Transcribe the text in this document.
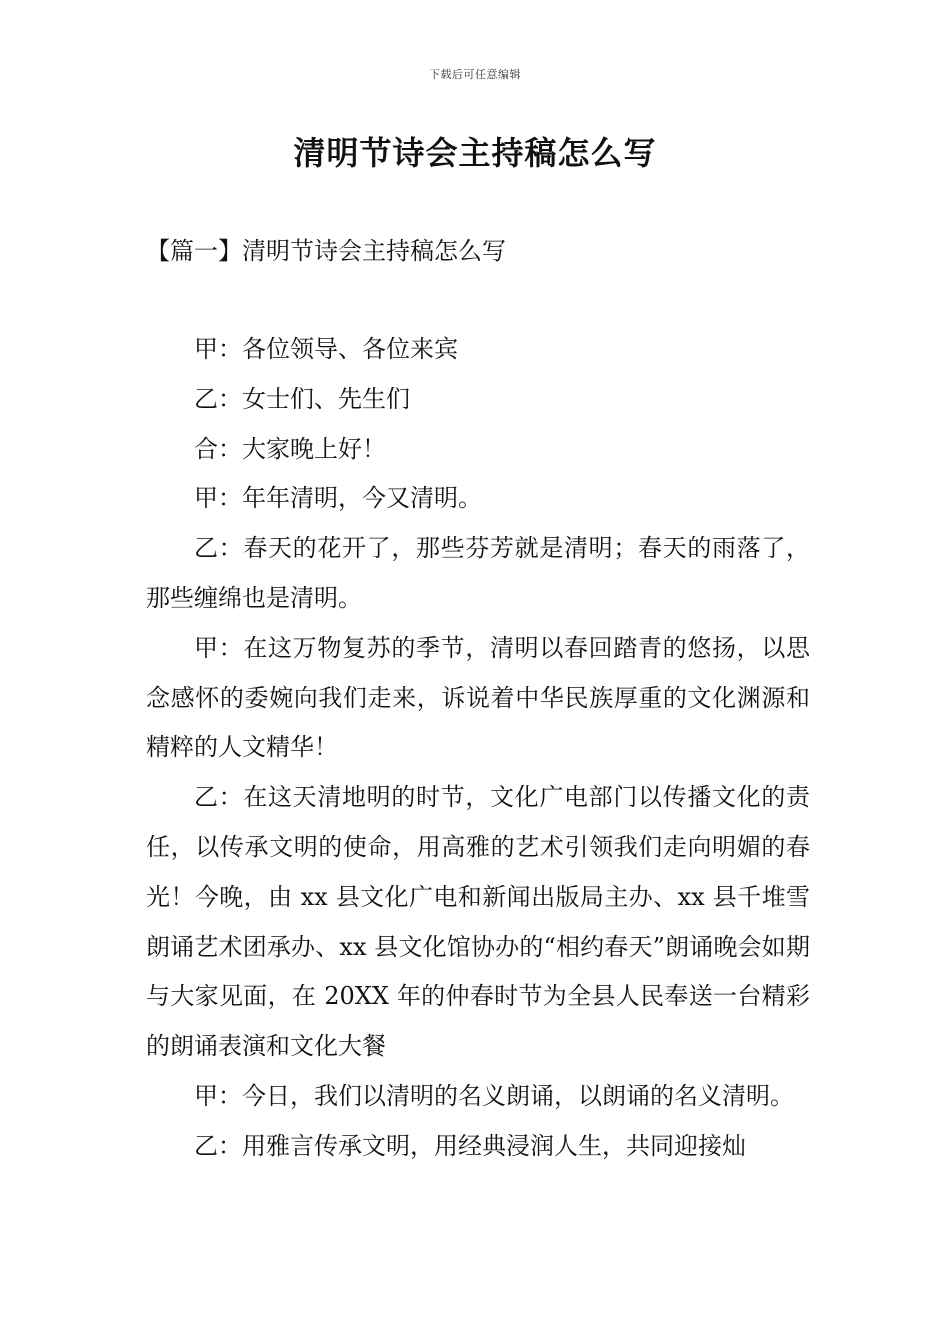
下载后可任意编辑
清明节诗会主持稿怎么写
【篇一】清明节诗会主持稿怎么写

甲：各位领导、各位来宾

乙：女士们、先生们

合：大家晚上好！

甲：年年清明，今又清明。

乙：春天的花开了，那些芬芳就是清明；春天的雨落了，那些缠绵也是清明。

甲：在这万物复苏的季节，清明以春回踏青的悠扬，以思念感怀的委婉向我们走来，诉说着中华民族厚重的文化渊源和精粹的人文精华！

乙：在这天清地明的时节，文化广电部门以传播文化的责任，以传承文明的使命，用高雅的艺术引领我们走向明媚的春光！今晚，由 xx 县文化广电和新闻出版局主办、xx 县千堆雪朗诵艺术团承办、xx 县文化馆协办的“相约春天”朗诵晚会如期与大家见面，在 20XX 年的仲春时节为全县人民奉送一台精彩的朗诵表演和文化大餐

甲：今日，我们以清明的名义朗诵，以朗诵的名义清明。

乙：用雅言传承文明，用经典浸润人生，共同迎接灿
